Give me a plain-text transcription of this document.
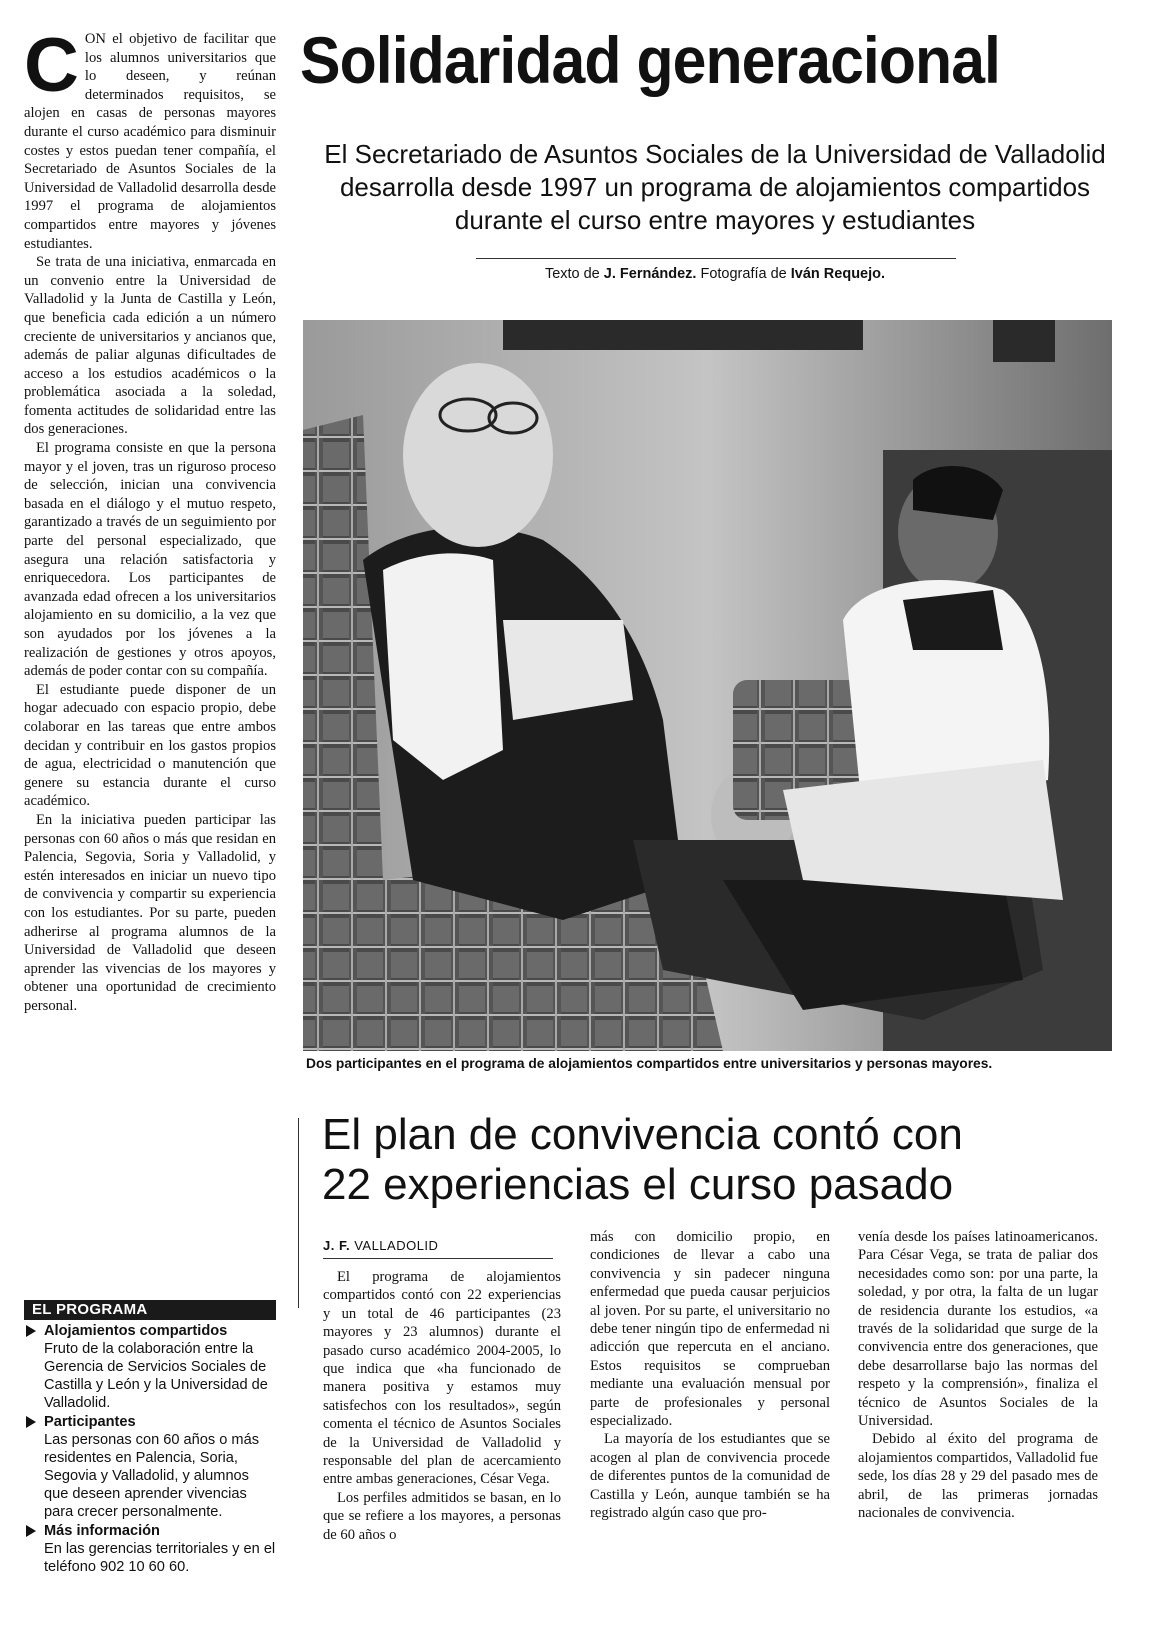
C ON el objetivo de facilitar que los alumnos universitarios que lo deseen, y reúnan determinados requisitos, se alojen en casas de personas mayores durante el curso académico para disminuir costes y estos puedan tener compañía, el Secretariado de Asuntos Sociales de la Universidad de Valladolid desarrolla desde 1997 el programa de alojamientos compartidos entre mayores y jóvenes estudiantes.

Se trata de una iniciativa, enmarcada en un convenio entre la Universidad de Valladolid y la Junta de Castilla y León, que beneficia cada edición a un número creciente de universitarios y ancianos que, además de paliar algunas dificultades de acceso a los estudios académicos o la problemática asociada a la soledad, fomenta actitudes de solidaridad entre las dos generaciones.

El programa consiste en que la persona mayor y el joven, tras un riguroso proceso de selección, inician una convivencia basada en el diálogo y el mutuo respeto, garantizado a través de un seguimiento por parte del personal especializado, que asegura una relación satisfactoria y enriquecedora. Los participantes de avanzada edad ofrecen a los universitarios alojamiento en su domicilio, a la vez que son ayudados por los jóvenes a la realización de gestiones y otros apoyos, además de poder contar con su compañía.

El estudiante puede disponer de un hogar adecuado con espacio propio, debe colaborar en las tareas que entre ambos decidan y contribuir en los gastos propios de agua, electricidad o manutención que genere su estancia durante el curso académico.

En la iniciativa pueden participar las personas con 60 años o más que residan en Palencia, Segovia, Soria y Valladolid, y estén interesados en iniciar un nuevo tipo de convivencia y compartir su experiencia con los estudiantes. Por su parte, pueden adherirse al programa alumnos de la Universidad de Valladolid que deseen aprender las vivencias de los mayores y obtener una oportunidad de crecimiento personal.

EL PROGRAMA
Alojamientos compartidos
Fruto de la colaboración entre la Gerencia de Servicios Sociales de Castilla y León y la Universidad de Valladolid.
Participantes
Las personas con 60 años o más residentes en Palencia, Soria, Segovia y Valladolid, y alumnos que deseen aprender vivencias para crecer personalmente.
Más información
En las gerencias territoriales y en el teléfono 902 10 60 60.
Solidaridad generacional
El Secretariado de Asuntos Sociales de la Universidad de Valladolid desarrolla desde 1997 un programa de alojamientos compartidos durante el curso entre mayores y estudiantes
Texto de J. Fernández. Fotografía de Iván Requejo.
Dos participantes en el programa de alojamientos compartidos entre universitarios y personas mayores.
El plan de convivencia contó con
22 experiencias el curso pasado
J. F. VALLADOLID

El programa de alojamientos compartidos contó con 22 experiencias y un total de 46 participantes (23 mayores y 23 alumnos) durante el pasado curso académico 2004-2005, lo que indica que «ha funcionado de manera positiva y estamos muy satisfechos con los resultados», según comenta el técnico de Asuntos Sociales de la Universidad de Valladolid y responsable del plan de acercamiento entre ambas generaciones, César Vega.

Los perfiles admitidos se basan, en lo que se refiere a los mayores, a personas de 60 años o

más con domicilio propio, en condiciones de llevar a cabo una convivencia y sin padecer ninguna enfermedad que pueda causar perjuicios al joven. Por su parte, el universitario no debe tener ningún tipo de enfermedad ni adicción que repercuta en el anciano. Estos requisitos se comprueban mediante una evaluación mensual por parte de profesionales y personal especializado.

La mayoría de los estudiantes que se acogen al plan de convivencia procede de diferentes puntos de la comunidad de Castilla y León, aunque también se ha registrado algún caso que pro-

venía desde los países latinoamericanos. Para César Vega, se trata de paliar dos necesidades como son: por una parte, la soledad, y por otra, la falta de un lugar de residencia durante los estudios, «a través de la solidaridad que surge de la convivencia entre dos generaciones, que debe desarrollarse bajo las normas del respeto y la comprensión», finaliza el técnico de Asuntos Sociales de la Universidad.

Debido al éxito del programa de alojamientos compartidos, Valladolid fue sede, los días 28 y 29 del pasado mes de abril, de las primeras jornadas nacionales de convivencia.
